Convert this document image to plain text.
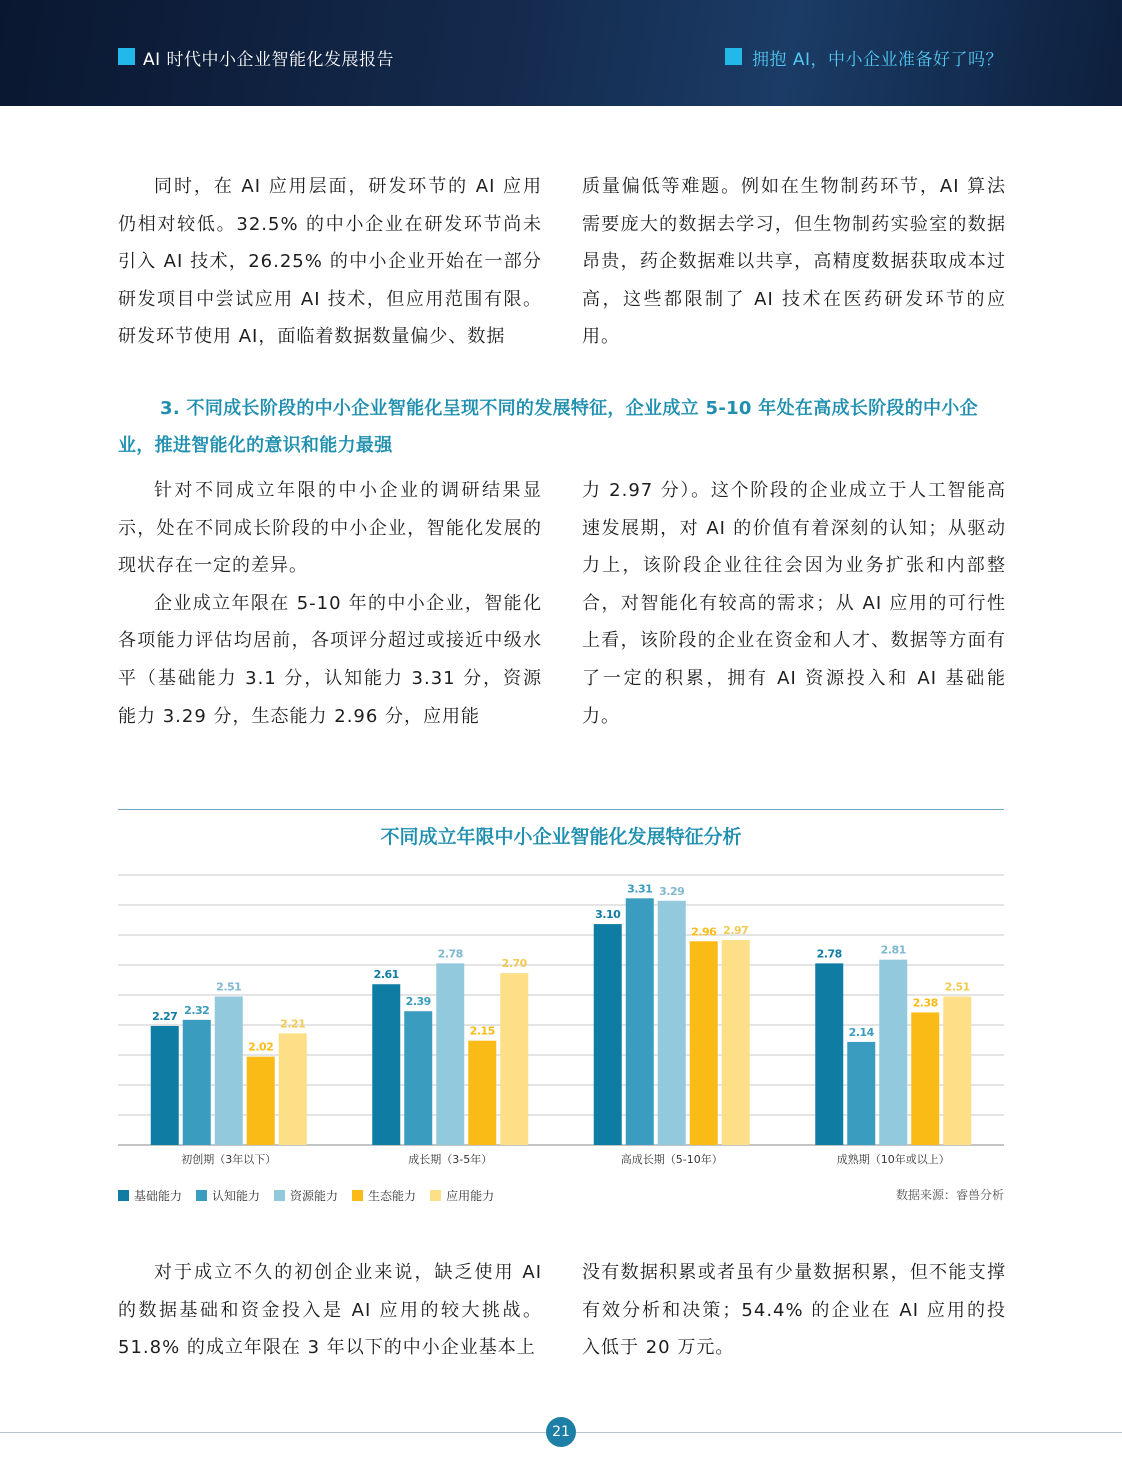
AI 时代中小企业智能化发展报告	拥抱 AI，中小企业准备好了吗？

同时，在 AI 应用层面，研发环节的 AI 应用仍相对较低。32.5% 的中小企业在研发环节尚未引入 AI 技术，26.25% 的中小企业开始在一部分研发项目中尝试应用 AI 技术，但应用范围有限。研发环节使用 AI，面临着数据数量偏少、数据

质量偏低等难题。例如在生物制药环节，AI 算法需要庞大的数据去学习，但生物制药实验室的数据昂贵，药企数据难以共享，高精度数据获取成本过高，这些都限制了 AI 技术在医药研发环节的应用。

3. 不同成长阶段的中小企业智能化呈现不同的发展特征，企业成立 5-10 年处在高成长阶段的中小企业，推进智能化的意识和能力最强

针对不同成立年限的中小企业的调研结果显示，处在不同成长阶段的中小企业，智能化发展的现状存在一定的差异。

企业成立年限在 5-10 年的中小企业，智能化各项能力评估均居前，各项评分超过或接近中级水平（基础能力 3.1 分，认知能力 3.31 分，资源能力 3.29 分，生态能力 2.96 分，应用能

力 2.97 分）。这个阶段的企业成立于人工智能高速发展期，对 AI 的价值有着深刻的认知；从驱动力上，该阶段企业往往会因为业务扩张和内部整合，对智能化有较高的需求；从 AI 应用的可行性上看，该阶段的企业在资金和人才、数据等方面有了一定的积累，拥有 AI 资源投入和 AI 基础能力。

不同成立年限中小企业智能化发展特征分析
2.27 2.32
2.51
2.02
2.21
初创期（3年以下）
2.61
2.39
2.78
2.15
2.70
成长期（3-5年）
3.10
3.31 3.29
2.96 2.97
高成长期（5-10年）
2.78
2.14
2.81
2.38
2.51
成熟期（10年或以上）
基础能力	认知能力	资源能力	生态能力	应用能力	数据来源：睿兽分析

对于成立不久的初创企业来说，缺乏使用 AI 的数据基础和资金投入是 AI 应用的较大挑战。51.8% 的成立年限在 3 年以下的中小企业基本上

没有数据积累或者虽有少量数据积累，但不能支撑有效分析和决策；54.4% 的企业在 AI 应用的投入低于 20 万元。

21
